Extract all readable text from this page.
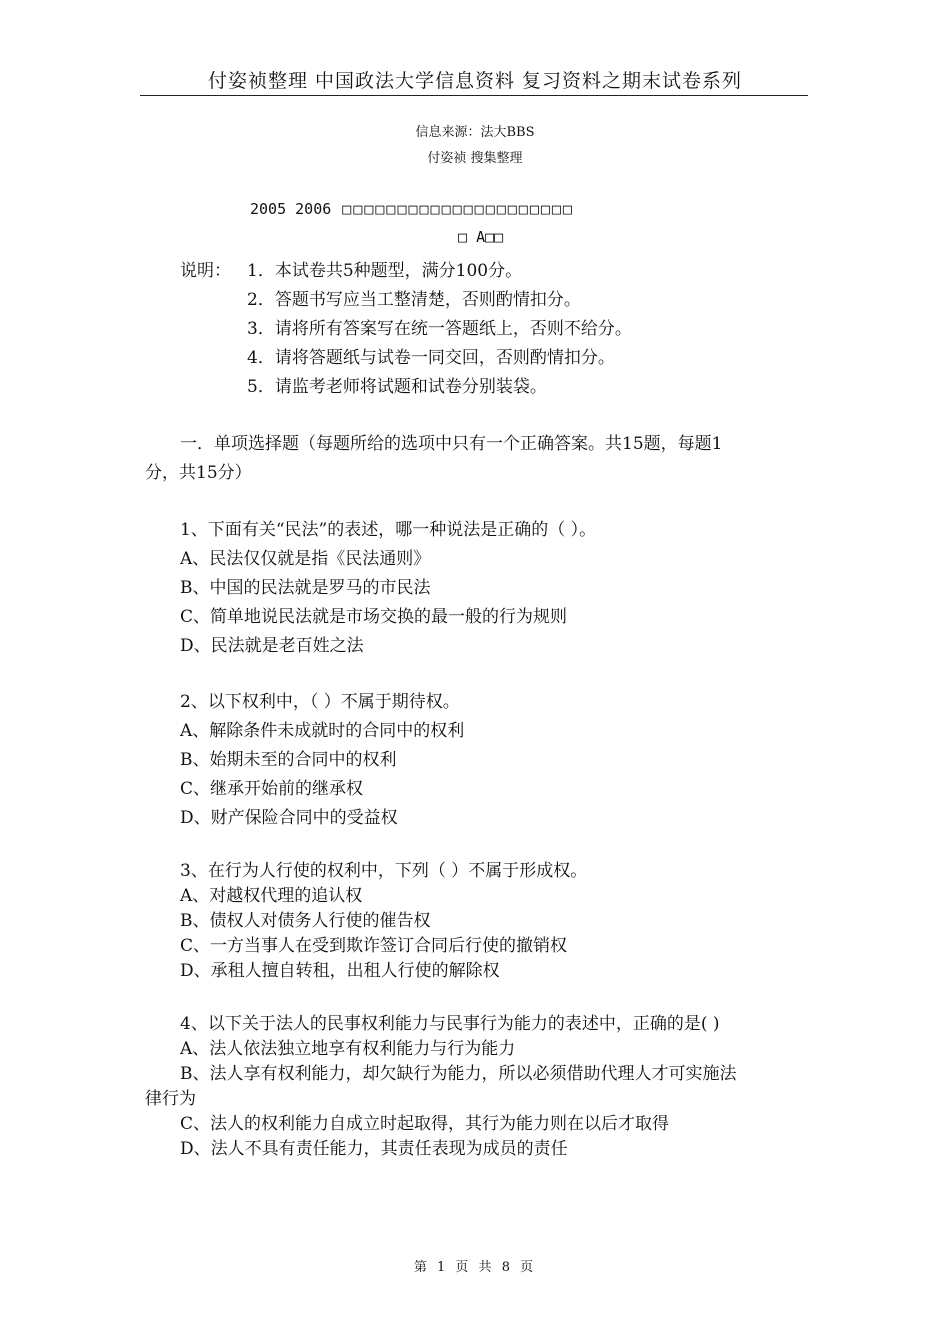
付姿祯整理 中国政法大学信息资料 复习资料之期末试卷系列
信息来源：法大BBS
付姿祯 搜集整理
2005 2006 □□□□□□□□□□□□□□□□□□□□□
□ A□□
说明： 1．本试卷共5种题型，满分100分。
2．答题书写应当工整清楚，否则酌情扣分。
3．请将所有答案写在统一答题纸上，否则不给分。
4．请将答题纸与试卷一同交回，否则酌情扣分。
5．请监考老师将试题和试卷分别装袋。
一．单项选择题（每题所给的选项中只有一个正确答案。共15题，每题1
分，共15分）
1、下面有关“民法”的表述，哪一种说法是正确的（ ）。
A、民法仅仅就是指《民法通则》
B、中国的民法就是罗马的市民法
C、简单地说民法就是市场交换的最一般的行为规则
D、民法就是老百姓之法
2、以下权利中，（ ）不属于期待权。
A、解除条件未成就时的合同中的权利
B、始期未至的合同中的权利
C、继承开始前的继承权
D、财产保险合同中的受益权
3、在行为人行使的权利中，下列（ ）不属于形成权。
A、对越权代理的追认权
B、债权人对债务人行使的催告权
C、一方当事人在受到欺诈签订合同后行使的撤销权
D、承租人擅自转租，出租人行使的解除权
4、以下关于法人的民事权利能力与民事行为能力的表述中，正确的是( )
A、法人依法独立地享有权利能力与行为能力
B、法人享有权利能力，却欠缺行为能力，所以必须借助代理人才可实施法
律行为
C、法人的权利能力自成立时起取得，其行为能力则在以后才取得
D、法人不具有责任能力，其责任表现为成员的责任
第 1 页 共 8 页
